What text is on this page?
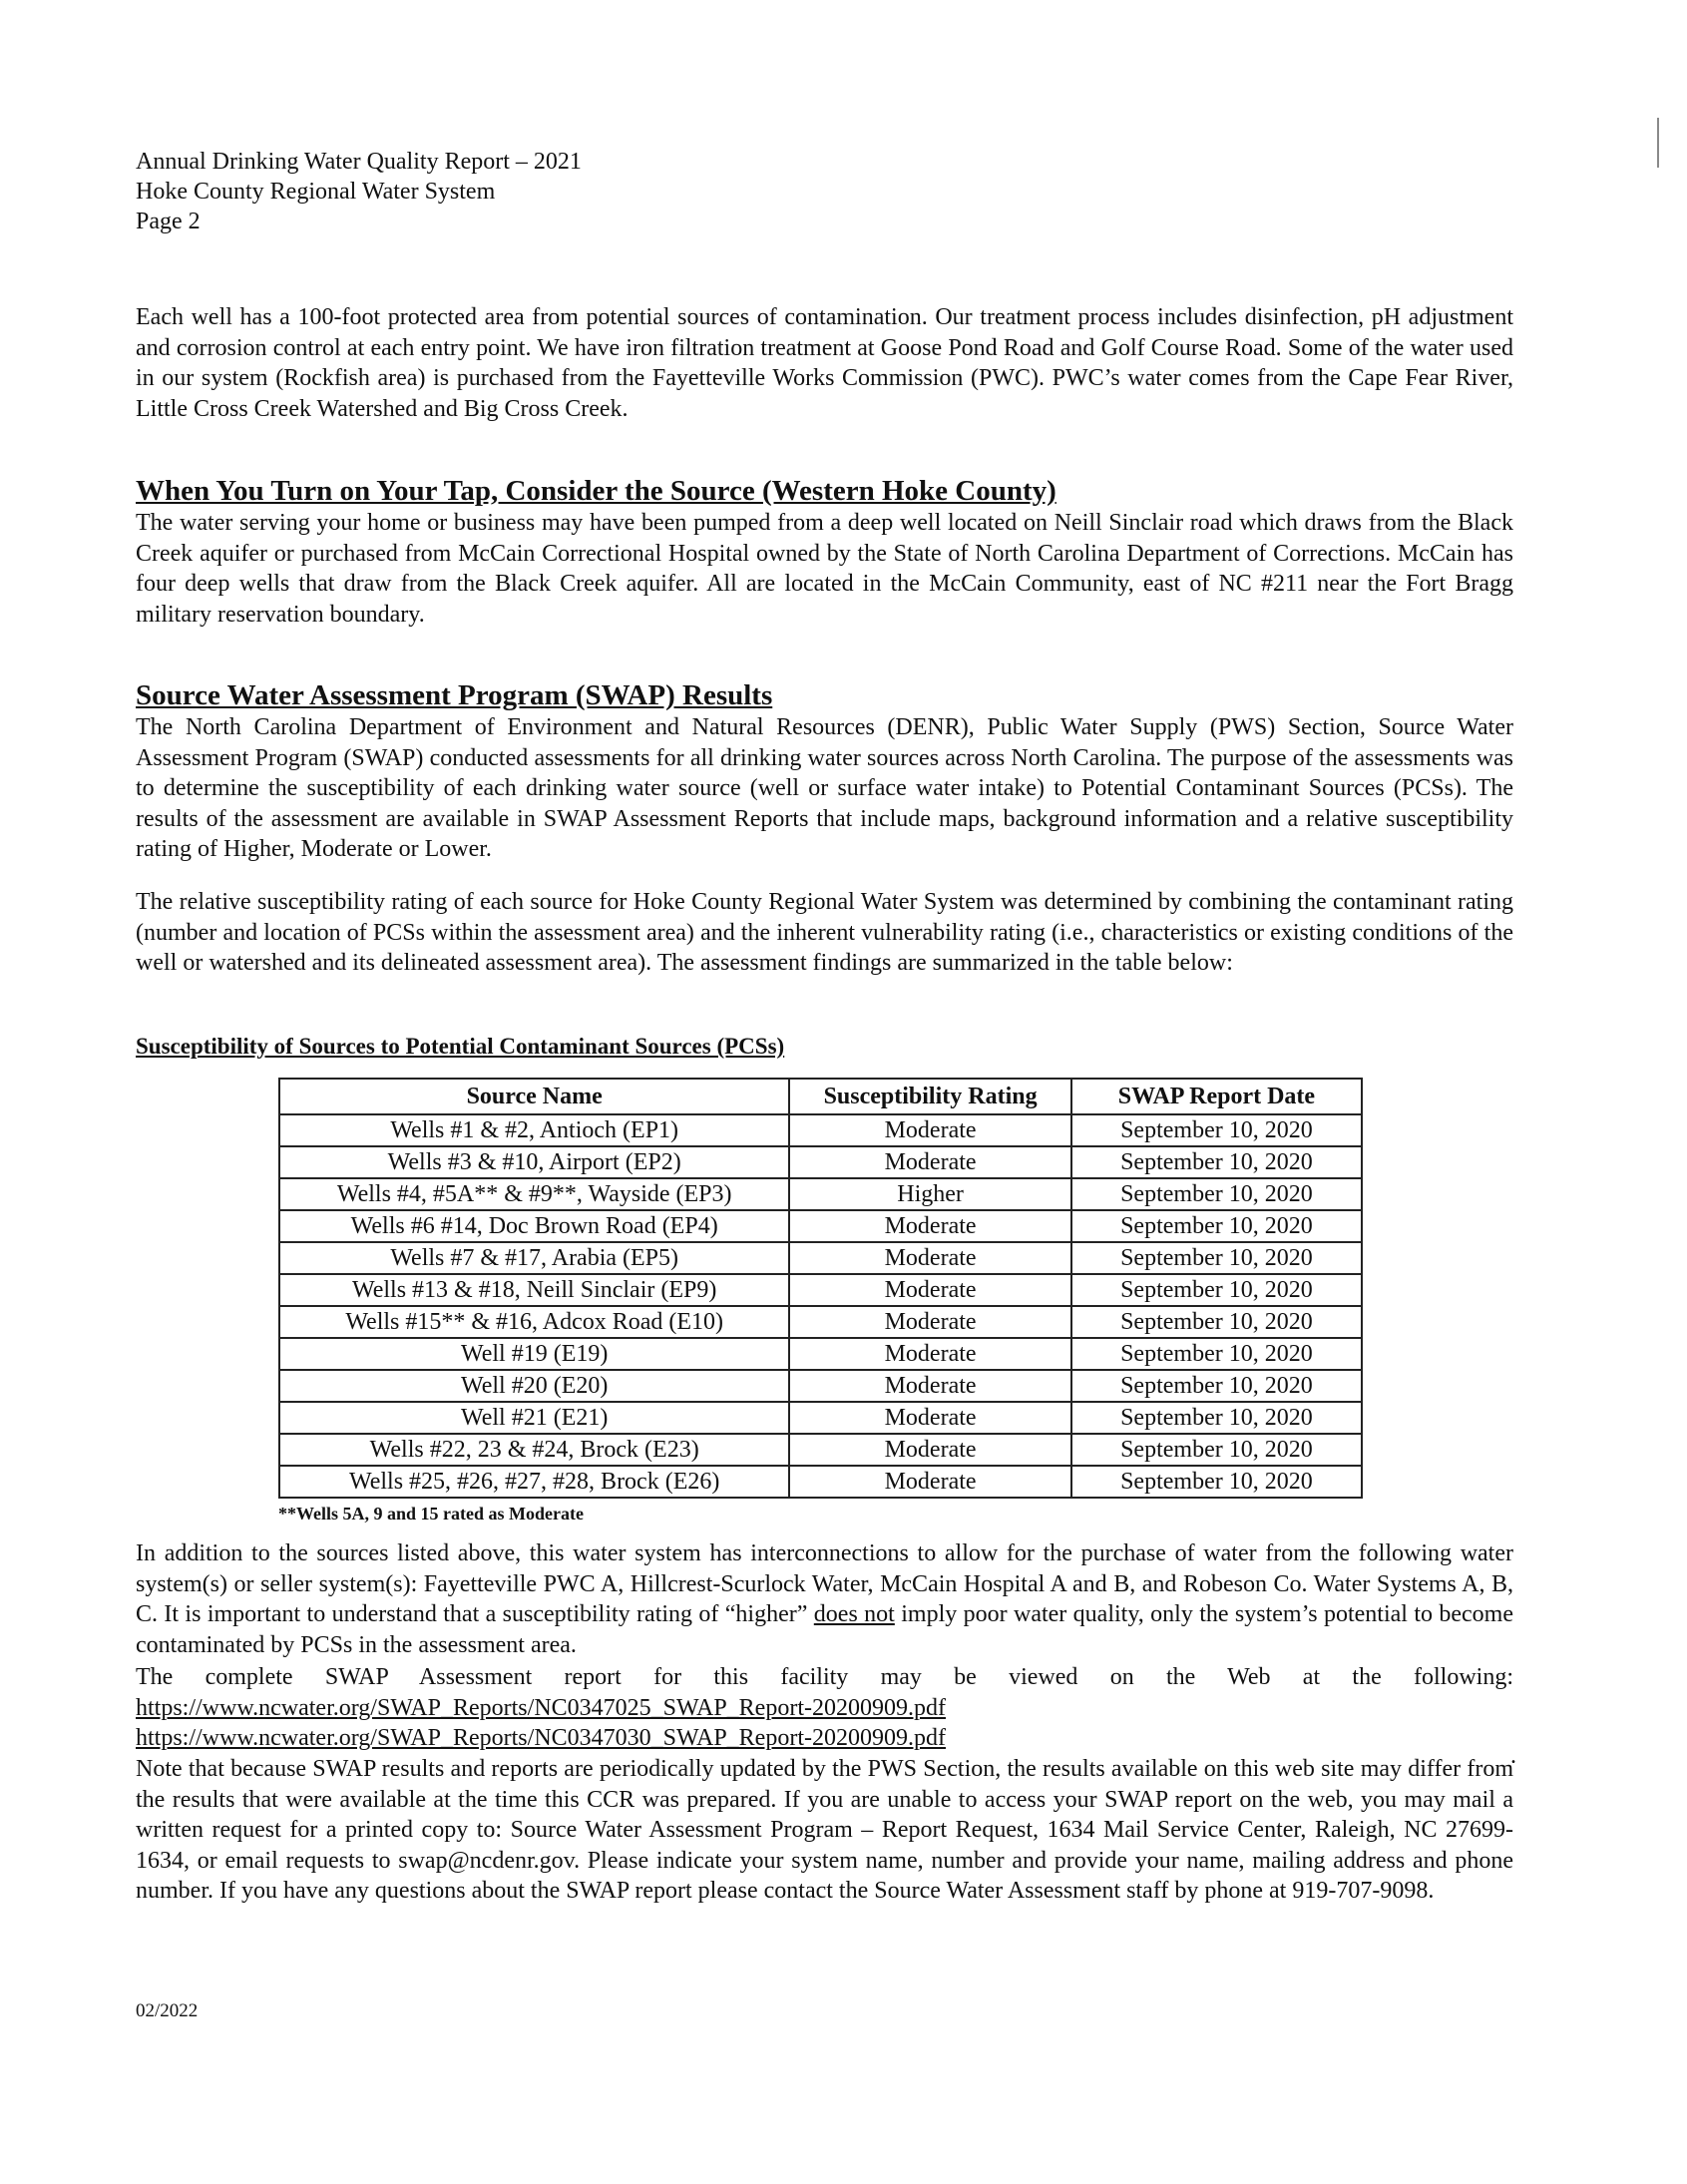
Annual Drinking Water Quality Report – 2021
Hoke County Regional Water System
Page 2

Each well has a 100-foot protected area from potential sources of contamination. Our treatment process includes disinfection, pH adjustment and corrosion control at each entry point. We have iron filtration treatment at Goose Pond Road and Golf Course Road. Some of the water used in our system (Rockfish area) is purchased from the Fayetteville Works Commission (PWC). PWC’s water comes from the Cape Fear River, Little Cross Creek Watershed and Big Cross Creek.

When You Turn on Your Tap, Consider the Source (Western Hoke County)

The water serving your home or business may have been pumped from a deep well located on Neill Sinclair road which draws from the Black Creek aquifer or purchased from McCain Correctional Hospital owned by the State of North Carolina Department of Corrections. McCain has four deep wells that draw from the Black Creek aquifer. All are located in the McCain Community, east of NC #211 near the Fort Bragg military reservation boundary.

Source Water Assessment Program (SWAP) Results

The North Carolina Department of Environment and Natural Resources (DENR), Public Water Supply (PWS) Section, Source Water Assessment Program (SWAP) conducted assessments for all drinking water sources across North Carolina. The purpose of the assessments was to determine the susceptibility of each drinking water source (well or surface water intake) to Potential Contaminant Sources (PCSs). The results of the assessment are available in SWAP Assessment Reports that include maps, background information and a relative susceptibility rating of Higher, Moderate or Lower.

The relative susceptibility rating of each source for Hoke County Regional Water System was determined by combining the contaminant rating (number and location of PCSs within the assessment area) and the inherent vulnerability rating (i.e., characteristics or existing conditions of the well or watershed and its delineated assessment area). The assessment findings are summarized in the table below:

Susceptibility of Sources to Potential Contaminant Sources (PCSs)
Source Name	Susceptibility Rating	SWAP Report Date
Wells #1 & #2, Antioch (EP1)	Moderate	September 10, 2020
Wells #3 & #10, Airport (EP2)	Moderate	September 10, 2020
Wells #4, #5A** & #9**, Wayside (EP3)	Higher	September 10, 2020
Wells #6 #14, Doc Brown Road (EP4)	Moderate	September 10, 2020
Wells #7 & #17, Arabia (EP5)	Moderate	September 10, 2020
Wells #13 & #18, Neill Sinclair (EP9)	Moderate	September 10, 2020
Wells #15** & #16, Adcox Road (E10)	Moderate	September 10, 2020
Well #19 (E19)	Moderate	September 10, 2020
Well #20 (E20)	Moderate	September 10, 2020
Well #21 (E21)	Moderate	September 10, 2020
Wells #22, 23 & #24, Brock (E23)	Moderate	September 10, 2020
Wells #25, #26, #27, #28, Brock (E26)	Moderate	September 10, 2020
**Wells 5A, 9 and 15 rated as Moderate

In addition to the sources listed above, this water system has interconnections to allow for the purchase of water from the following water system(s) or seller system(s): Fayetteville PWC A, Hillcrest-Scurlock Water, McCain Hospital A and B, and Robeson Co. Water Systems A, B, C. It is important to understand that a susceptibility rating of “higher” does not imply poor water quality, only the system’s potential to become contaminated by PCSs in the assessment area.

The complete SWAP Assessment report for this facility may be viewed on the Web at the following:

https://www.ncwater.org/SWAP_Reports/NC0347025_SWAP_Report-20200909.pdf
https://www.ncwater.org/SWAP_Reports/NC0347030_SWAP_Report-20200909.pdf
.

Note that because SWAP results and reports are periodically updated by the PWS Section, the results available on this web site may differ from the results that were available at the time this CCR was prepared. If you are unable to access your SWAP report on the web, you may mail a written request for a printed copy to: Source Water Assessment Program – Report Request, 1634 Mail Service Center, Raleigh, NC 27699-1634, or email requests to swap@ncdenr.gov. Please indicate your system name, number and provide your name, mailing address and phone number. If you have any questions about the SWAP report please contact the Source Water Assessment staff by phone at 919-707-9098.

02/2022
